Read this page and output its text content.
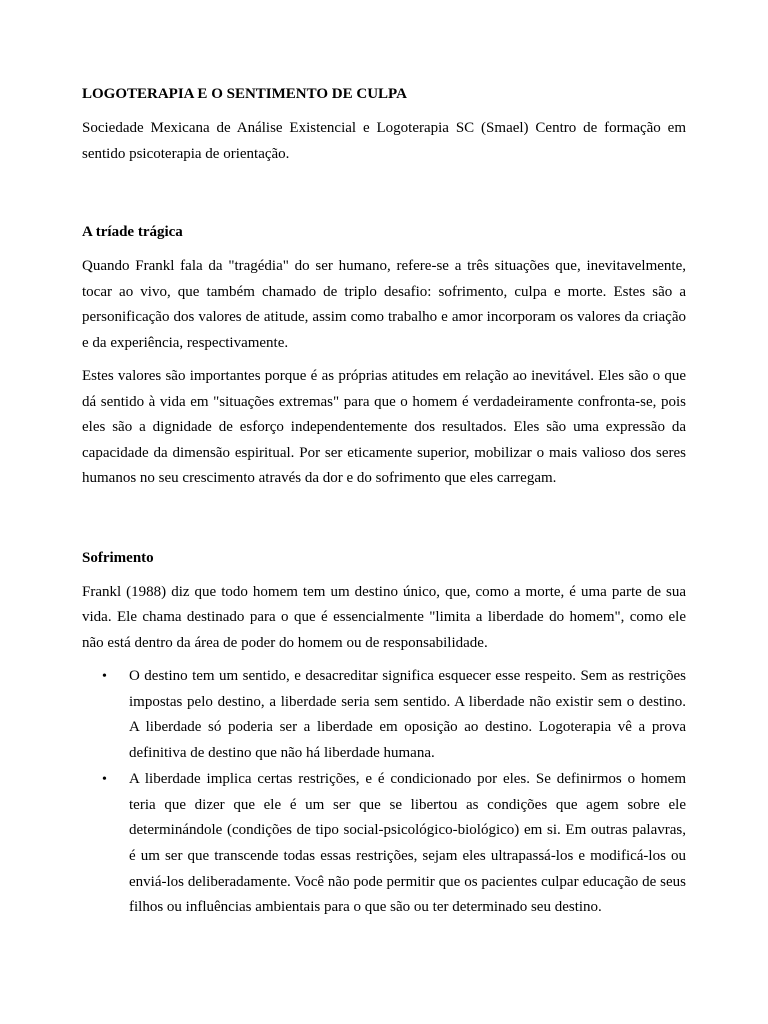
LOGOTERAPIA E O SENTIMENTO DE CULPA

Sociedade Mexicana de Análise Existencial e Logoterapia SC (Smael) Centro de formação em sentido psicoterapia de orientação.

A tríade trágica

Quando Frankl fala da "tragédia" do ser humano, refere-se a três situações que, inevitavelmente, tocar ao vivo, que também chamado de triplo desafio: sofrimento, culpa e morte. Estes são a personificação dos valores de atitude, assim como trabalho e amor incorporam os valores da criação e da experiência, respectivamente.

Estes valores são importantes porque é as próprias atitudes em relação ao inevitável. Eles são o que dá sentido à vida em "situações extremas" para que o homem é verdadeiramente confronta-se, pois eles são a dignidade de esforço independentemente dos resultados. Eles são uma expressão da capacidade da dimensão espiritual. Por ser eticamente superior, mobilizar o mais valioso dos seres humanos no seu crescimento através da dor e do sofrimento que eles carregam.

Sofrimento

Frankl (1988) diz que todo homem tem um destino único, que, como a morte, é uma parte de sua vida. Ele chama destinado para o que é essencialmente "limita a liberdade do homem", como ele não está dentro da área de poder do homem ou de responsabilidade.

• O destino tem um sentido, e desacreditar significa esquecer esse respeito. Sem as restrições impostas pelo destino, a liberdade seria sem sentido. A liberdade não existir sem o destino. A liberdade só poderia ser a liberdade em oposição ao destino. Logoterapia vê a prova definitiva de destino que não há liberdade humana.
• A liberdade implica certas restrições, e é condicionado por eles. Se definirmos o homem teria que dizer que ele é um ser que se libertou as condições que agem sobre ele determinándole (condições de tipo social-psicológico-biológico) em si. Em outras palavras, é um ser que transcende todas essas restrições, sejam eles ultrapassá-los e modificá-los ou enviá-los deliberadamente. Você não pode permitir que os pacientes culpar educação de seus filhos ou influências ambientais para o que são ou ter determinado seu destino.
